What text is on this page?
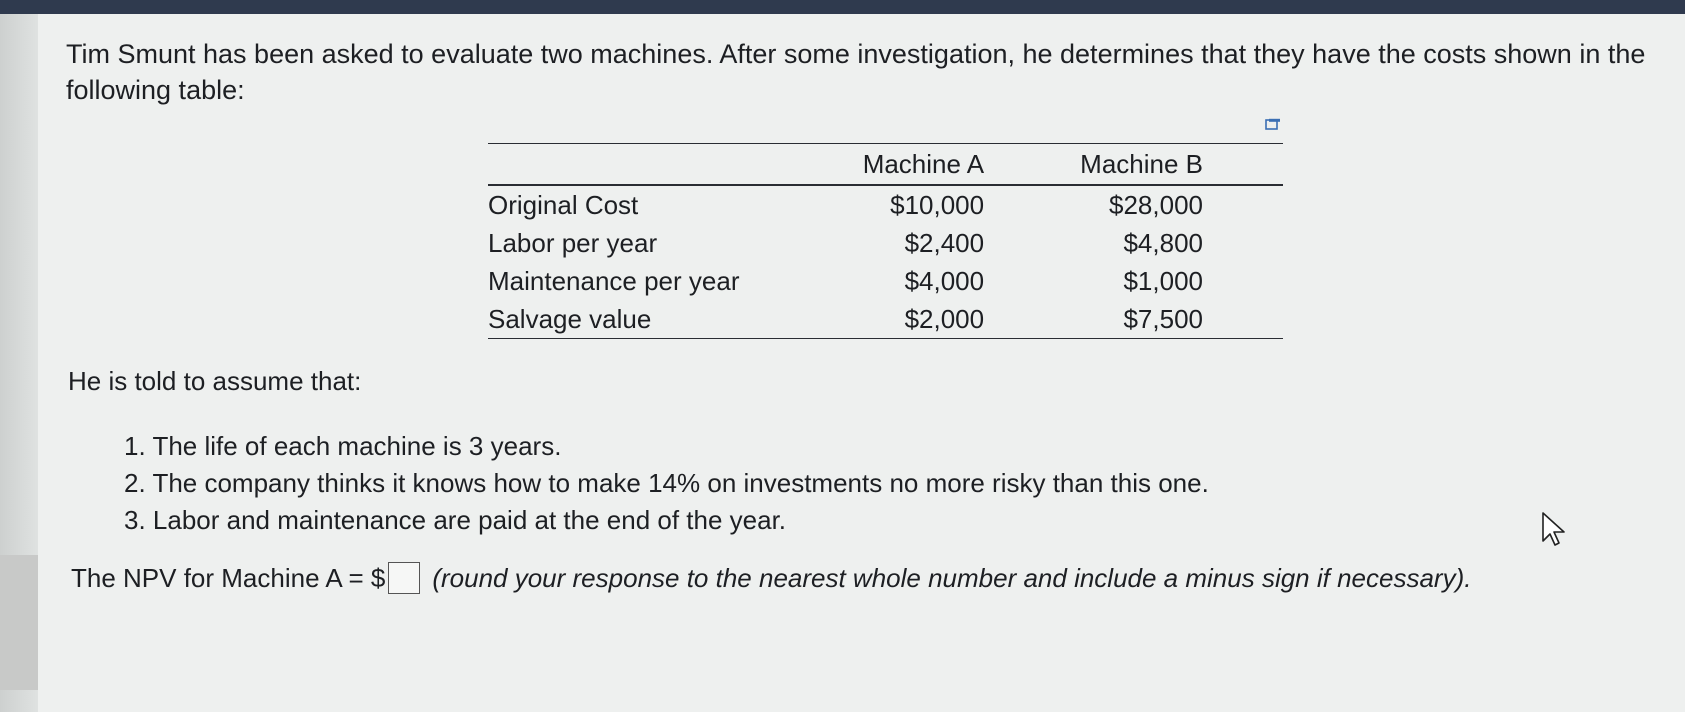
Tim Smunt has been asked to evaluate two machines. After some investigation, he determines that they have the costs shown in the following table:

	Machine A	Machine B
Original Cost	$10,000	$28,000
Labor per year	$2,400	$4,800
Maintenance per year	$4,000	$1,000
Salvage value	$2,000	$7,500

He is told to assume that:

1. The life of each machine is 3 years.
2. The company thinks it knows how to make 14% on investments no more risky than this one.
3. Labor and maintenance are paid at the end of the year.
The NPV for Machine A = $ (round your response to the nearest whole number and include a minus sign if necessary).
